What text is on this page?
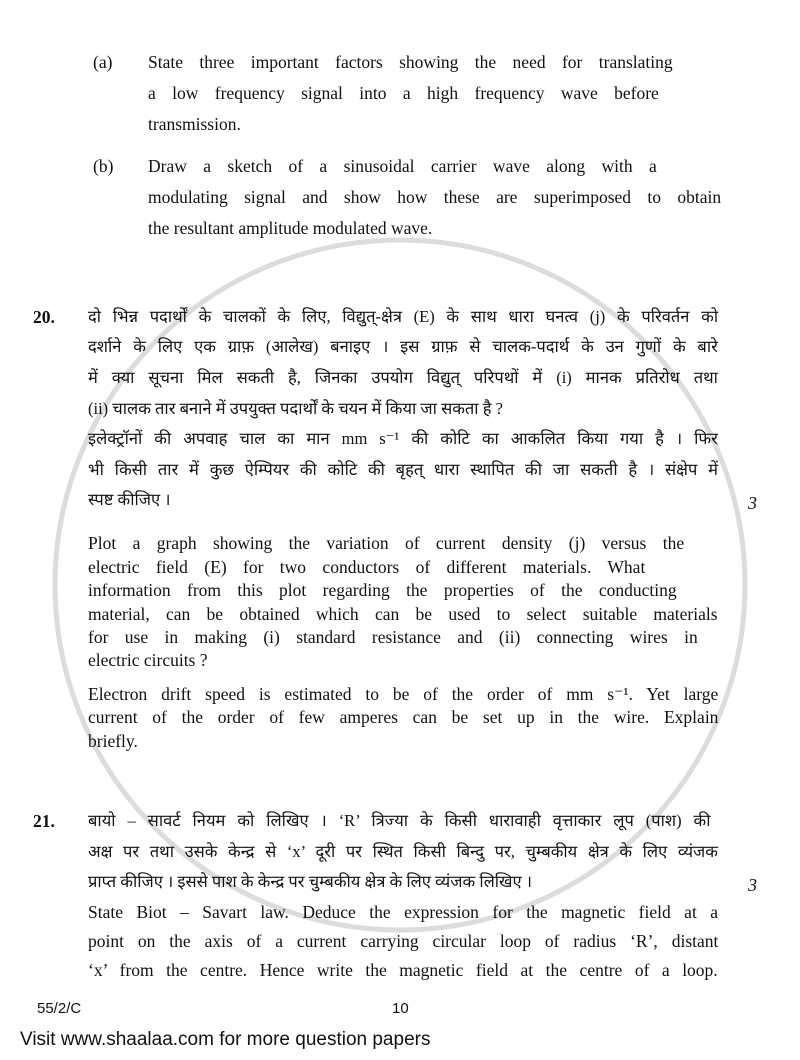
(a) State three important factors showing the need for translating
a low frequency signal into a high frequency wave before
transmission.
(b) Draw a sketch of a sinusoidal carrier wave along with a
modulating signal and show how these are superimposed to obtain
the resultant amplitude modulated wave.
20. दो भिन्न पदार्थों के चालकों के लिए, विद्युत्-क्षेत्र (E) के साथ धारा घनत्व (j) के परिवर्तन को
दर्शाने के लिए एक ग्राफ़ (आलेख) बनाइए । इस ग्राफ़ से चालक-पदार्थ के उन गुणों के बारे
में क्या सूचना मिल सकती है, जिनका उपयोग विद्युत् परिपथों में (i) मानक प्रतिरोध तथा
(ii) चालक तार बनाने में उपयुक्त पदार्थों के चयन में किया जा सकता है ?
इलेक्ट्रॉनों की अपवाह चाल का मान mm s⁻¹ की कोटि का आकलित किया गया है । फिर
भी किसी तार में कुछ ऐम्पियर की कोटि की बृहत् धारा स्थापित की जा सकती है । संक्षेप में
स्पष्ट कीजिए ।	3
Plot a graph showing the variation of current density (j) versus the
electric field (E) for two conductors of different materials. What
information from this plot regarding the properties of the conducting
material, can be obtained which can be used to select suitable materials
for use in making (i) standard resistance and (ii) connecting wires in
electric circuits ?
Electron drift speed is estimated to be of the order of mm s⁻¹. Yet large
current of the order of few amperes can be set up in the wire. Explain
briefly.
21. बायो – सावर्ट नियम को लिखिए । ‘R’ त्रिज्या के किसी धारावाही वृत्ताकार लूप (पाश) की
अक्ष पर तथा उसके केन्द्र से ‘x’ दूरी पर स्थित किसी बिन्दु पर, चुम्बकीय क्षेत्र के लिए व्यंजक
प्राप्त कीजिए । इससे पाश के केन्द्र पर चुम्बकीय क्षेत्र के लिए व्यंजक लिखिए ।	3
State Biot – Savart law. Deduce the expression for the magnetic field at a
point on the axis of a current carrying circular loop of radius ‘R’, distant
‘x’ from the centre. Hence write the magnetic field at the centre of a loop.
55/2/C	10
Visit www.shaalaa.com for more question papers
